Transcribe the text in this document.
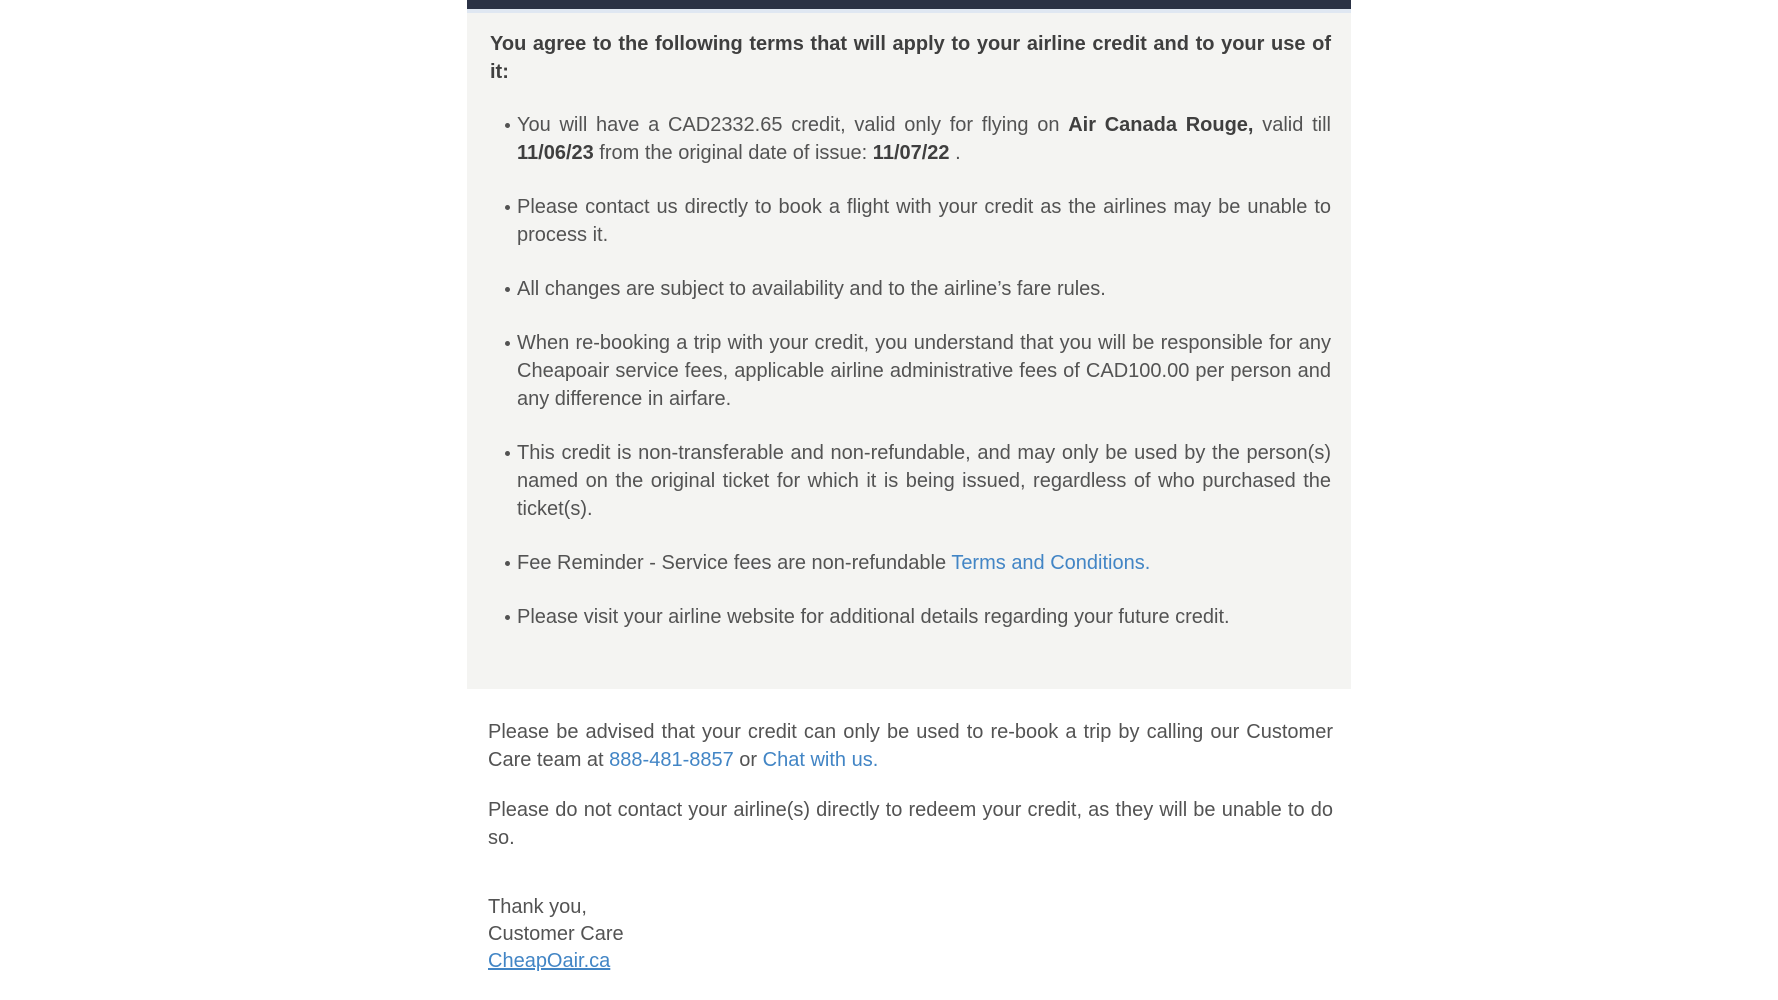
You agree to the following terms that will apply to your airline credit and to your use of it:

You will have a CAD2332.65 credit, valid only for flying on Air Canada Rouge, valid till 11/06/23 from the original date of issue: 11/07/22 .
Please contact us directly to book a flight with your credit as the airlines may be unable to process it.
All changes are subject to availability and to the airline’s fare rules.
When re-booking a trip with your credit, you understand that you will be responsible for any Cheapoair service fees, applicable airline administrative fees of CAD100.00 per person and any difference in airfare.
This credit is non-transferable and non-refundable, and may only be used by the person(s) named on the original ticket for which it is being issued, regardless of who purchased the ticket(s).
Fee Reminder - Service fees are non-refundable Terms and Conditions.
Please visit your airline website for additional details regarding your future credit.

Please be advised that your credit can only be used to re-book a trip by calling our Customer Care team at 888-481-8857 or Chat with us.

Please do not contact your airline(s) directly to redeem your credit, as they will be unable to do so.

Thank you,
Customer Care
CheapOair.ca
